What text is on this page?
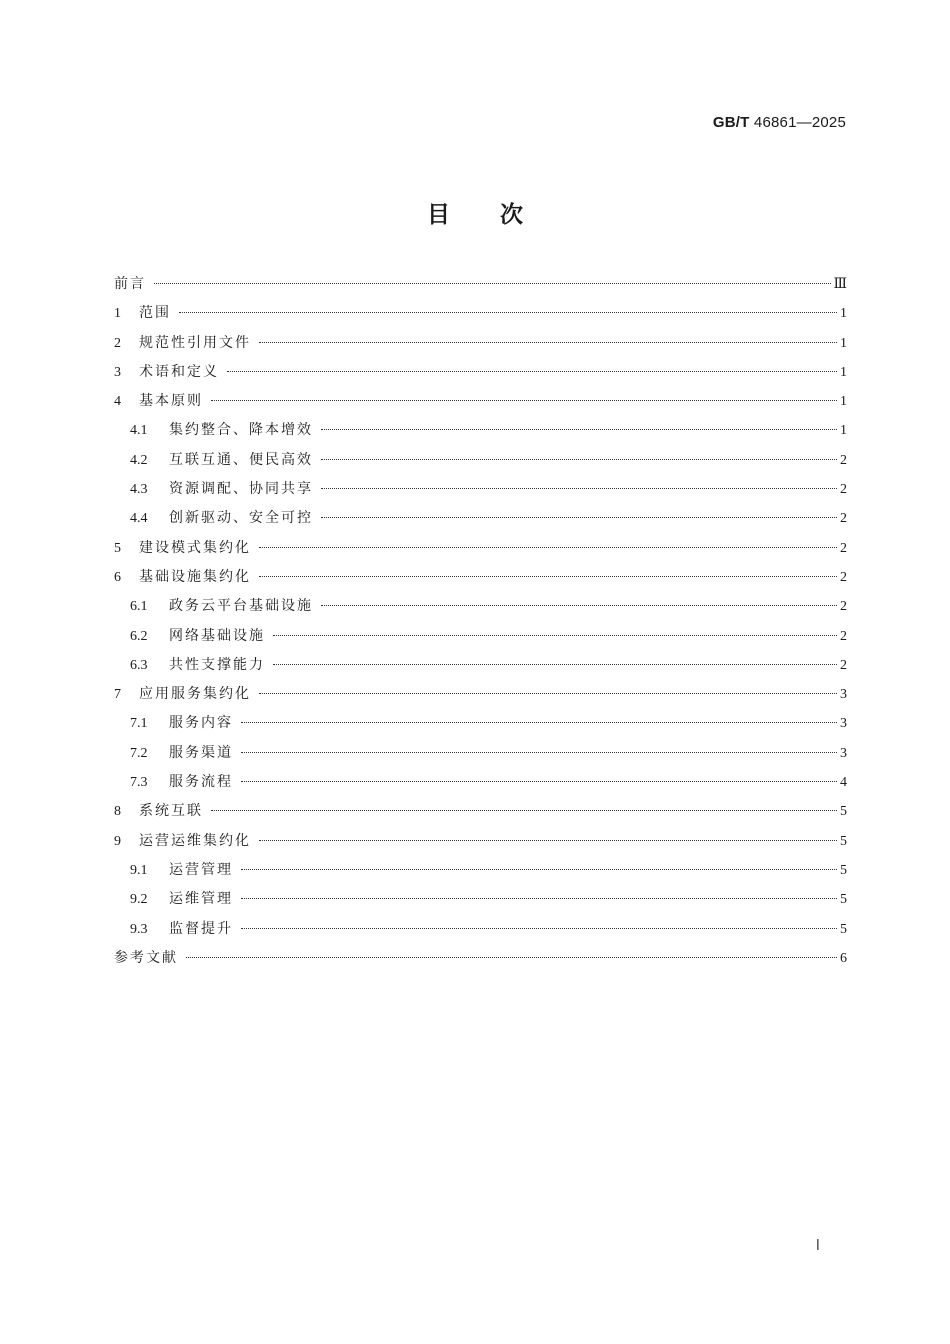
GB/T 46861—2025
目次
前言	Ⅲ
1	范围	1
2	规范性引用文件	1
3	术语和定义	1
4	基本原则	1
4.1	集约整合、降本增效	1
4.2	互联互通、便民高效	2
4.3	资源调配、协同共享	2
4.4	创新驱动、安全可控	2
5	建设模式集约化	2
6	基础设施集约化	2
6.1	政务云平台基础设施	2
6.2	网络基础设施	2
6.3	共性支撑能力	2
7	应用服务集约化	3
7.1	服务内容	3
7.2	服务渠道	3
7.3	服务流程	4
8	系统互联	5
9	运营运维集约化	5
9.1	运营管理	5
9.2	运维管理	5
9.3	监督提升	5
参考文献	6
Ⅰ
